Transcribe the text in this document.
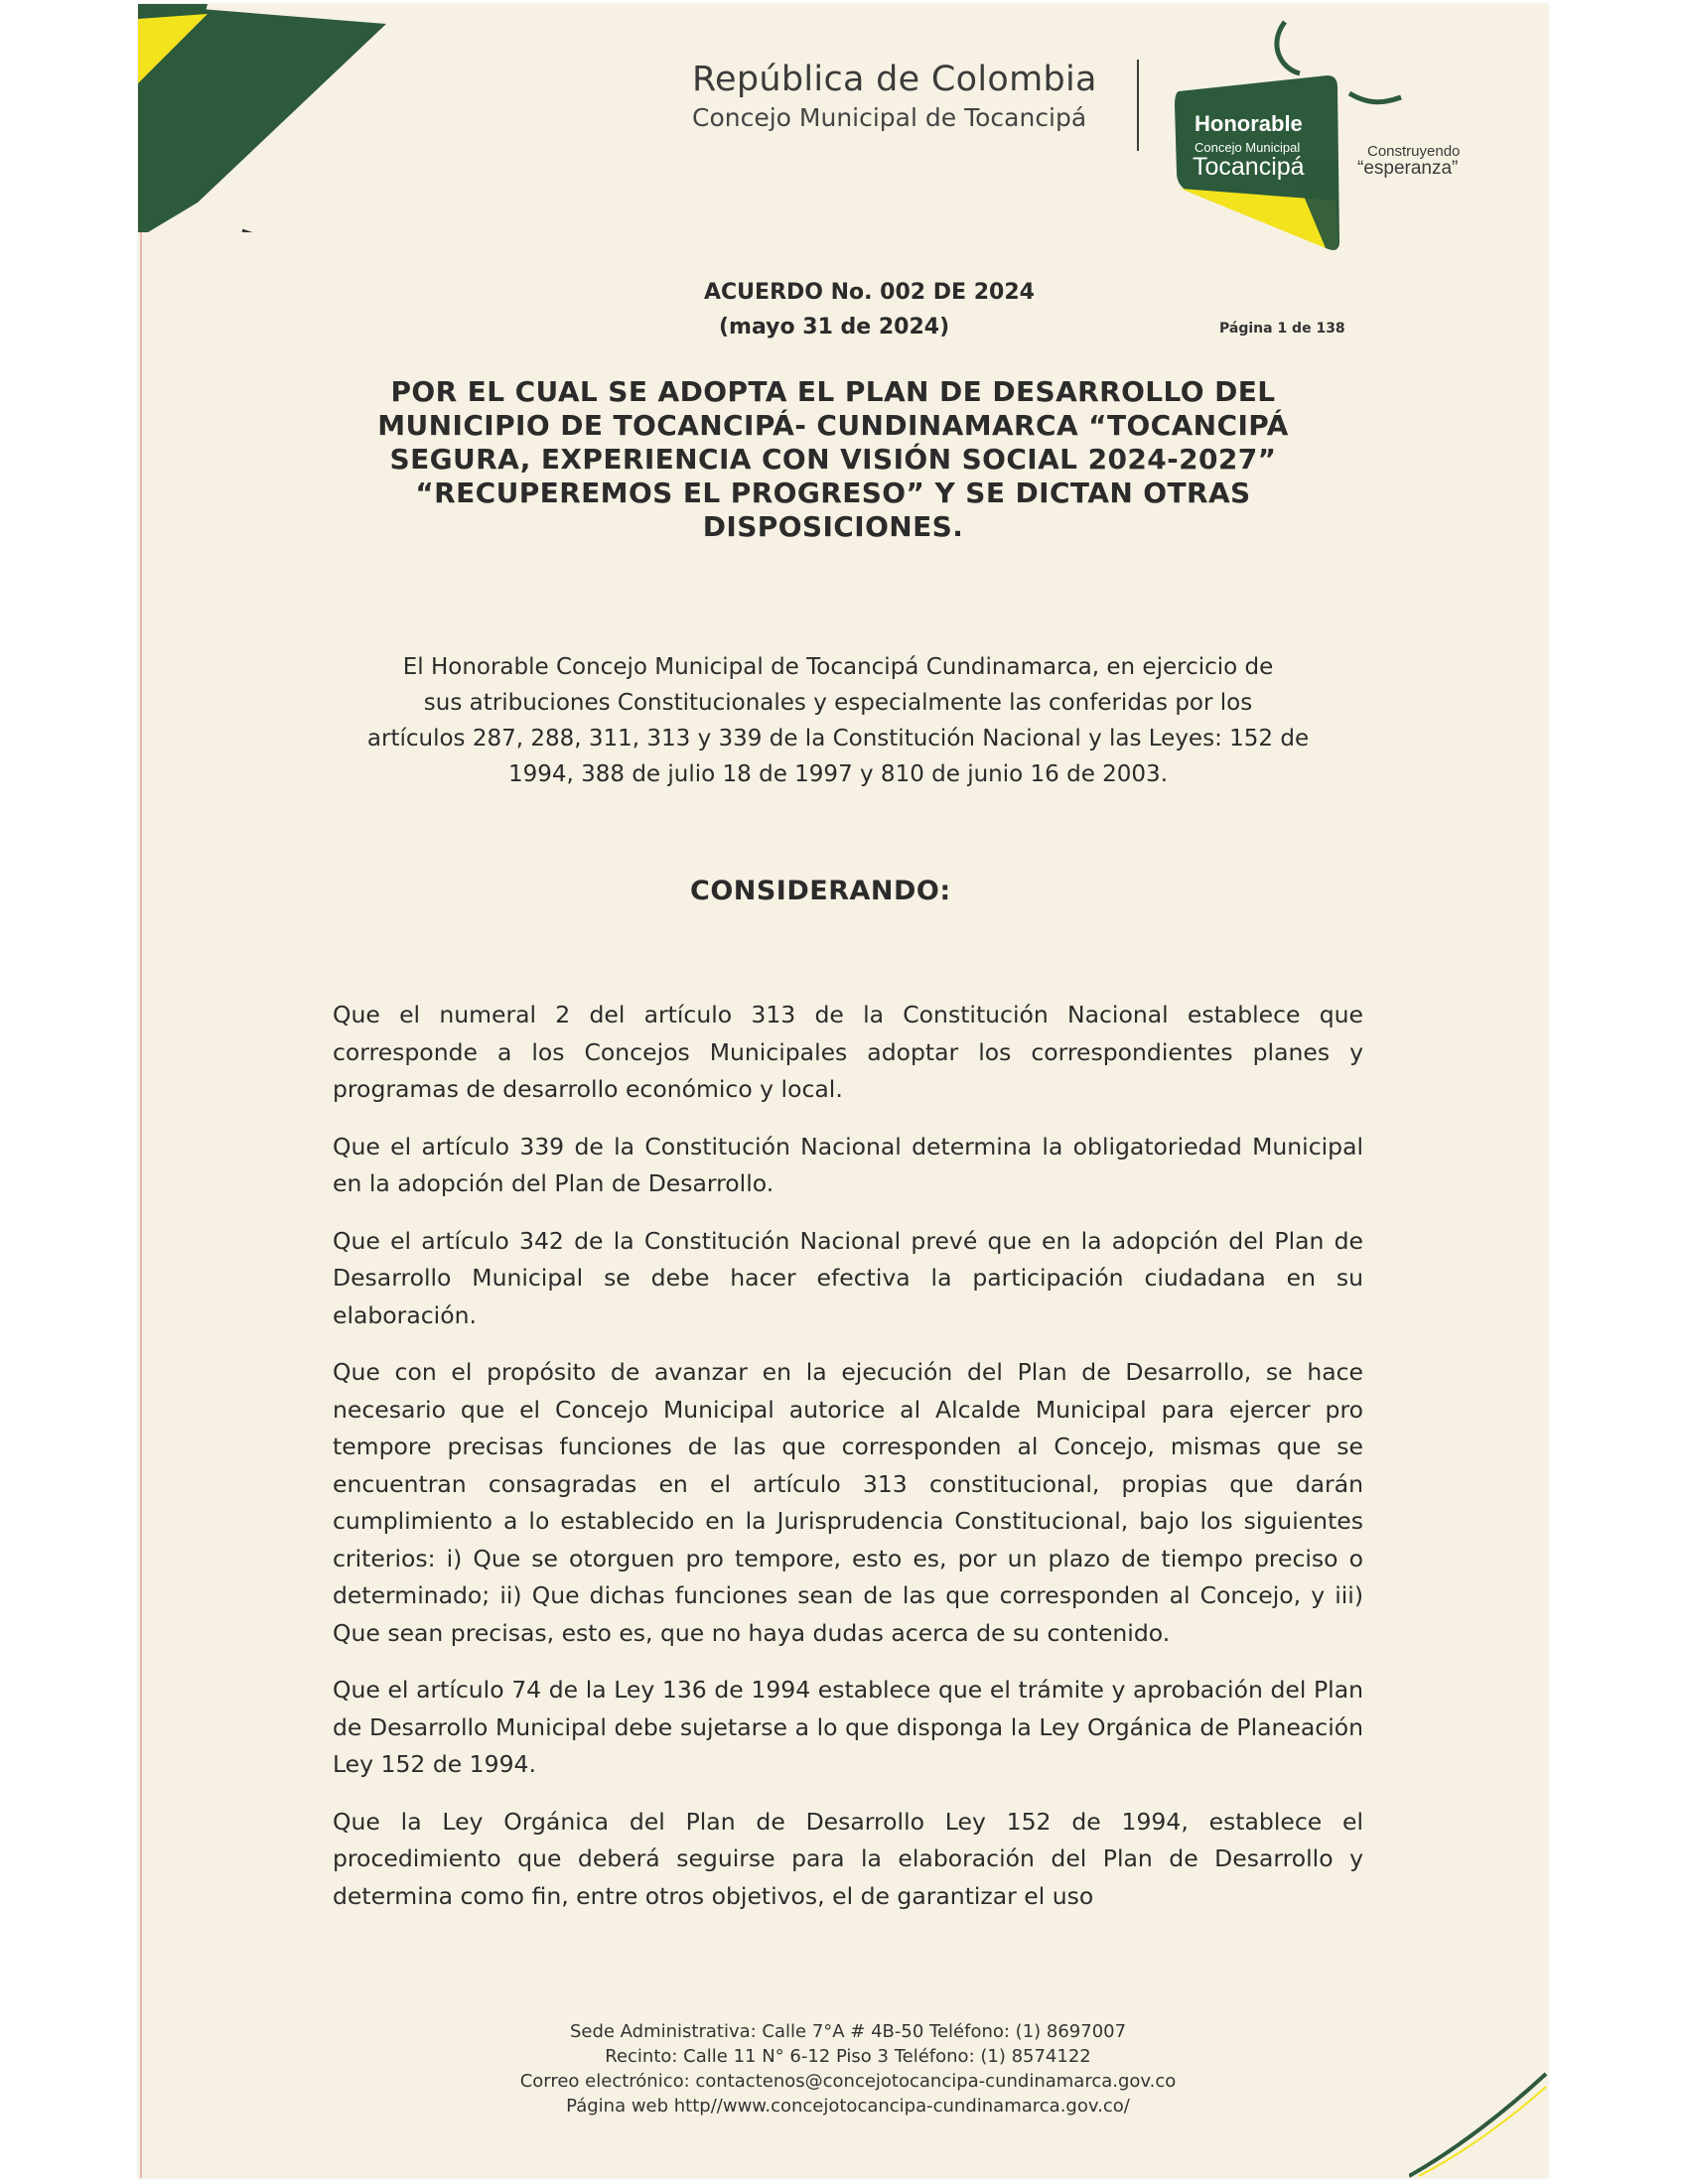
República de Colombia
Concejo Municipal de Tocancipá	Honorable
Concejo Municipal
Tocancipá
Construyendo
“esperanza”
ACUERDO No. 002 DE 2024
(mayo 31 de 2024)	Página 1 de 138
POR EL CUAL SE ADOPTA EL PLAN DE DESARROLLO DEL
MUNICIPIO DE TOCANCIPÁ- CUNDINAMARCA “TOCANCIPÁ
SEGURA, EXPERIENCIA CON VISIÓN SOCIAL 2024-2027”
“RECUPEREMOS EL PROGRESO” Y SE DICTAN OTRAS
DISPOSICIONES.
El Honorable Concejo Municipal de Tocancipá Cundinamarca, en ejercicio de
sus atribuciones Constitucionales y especialmente las conferidas por los
artículos 287, 288, 311, 313 y 339 de la Constitución Nacional y las Leyes: 152 de
1994, 388 de julio 18 de 1997 y 810 de junio 16 de 2003.
CONSIDERANDO:

Que el numeral 2 del artículo 313 de la Constitución Nacional establece que corresponde a los Concejos Municipales adoptar los correspondientes planes y programas de desarrollo económico y local.

Que el artículo 339 de la Constitución Nacional determina la obligatoriedad Municipal en la adopción del Plan de Desarrollo.

Que el artículo 342 de la Constitución Nacional prevé que en la adopción del Plan de Desarrollo Municipal se debe hacer efectiva la participación ciudadana en su elaboración.

Que con el propósito de avanzar en la ejecución del Plan de Desarrollo, se hace necesario que el Concejo Municipal autorice al Alcalde Municipal para ejercer pro tempore precisas funciones de las que corresponden al Concejo, mismas que se encuentran consagradas en el artículo 313 constitucional, propias que darán cumplimiento a lo establecido en la Jurisprudencia Constitucional, bajo los siguientes criterios: i) Que se otorguen pro tempore, esto es, por un plazo de tiempo preciso o determinado; ii) Que dichas funciones sean de las que corresponden al Concejo, y iii) Que sean precisas, esto es, que no haya dudas acerca de su contenido.

Que el artículo 74 de la Ley 136 de 1994 establece que el trámite y aprobación del Plan de Desarrollo Municipal debe sujetarse a lo que disponga la Ley Orgánica de Planeación Ley 152 de 1994.

Que la Ley Orgánica del Plan de Desarrollo Ley 152 de 1994, establece el procedimiento que deberá seguirse para la elaboración del Plan de Desarrollo y determina como fin, entre otros objetivos, el de garantizar el uso

Sede Administrativa: Calle 7°A # 4B-50 Teléfono: (1) 8697007
Recinto: Calle 11 N° 6-12 Piso 3 Teléfono: (1) 8574122
Correo electrónico: contactenos@concejotocancipa-cundinamarca.gov.co
Página web http//www.concejotocancipa-cundinamarca.gov.co/
